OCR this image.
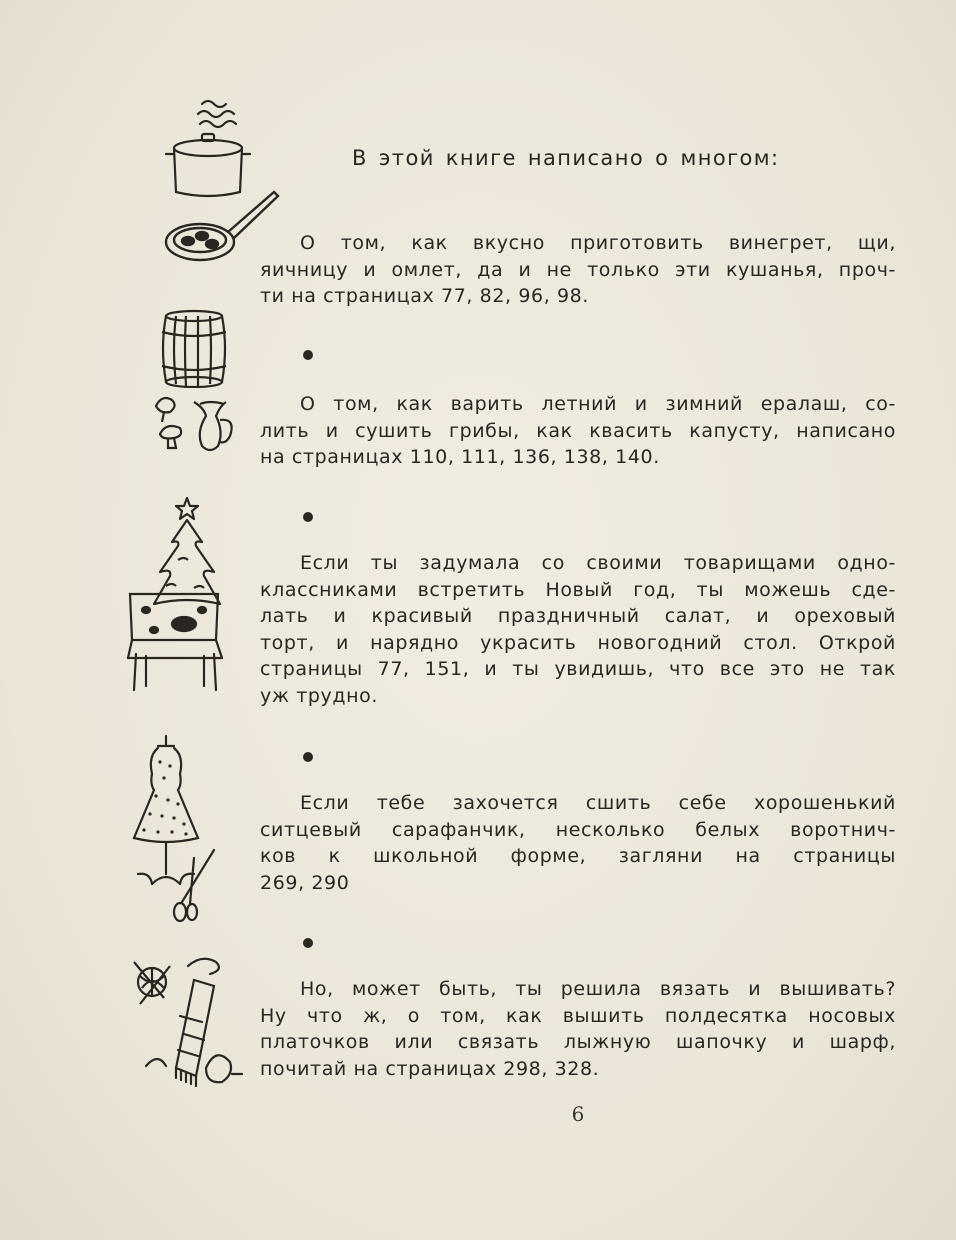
В этой книге написано о многом:

О том, как вкусно приготовить винегрет, щи,
яичницу и омлет, да и не только эти кушанья, проч-
ти на страницах 77, 82, 96, 98.

О том, как варить летний и зимний ералаш, со-
лить и сушить грибы, как квасить капусту, написано
на страницах 110, 111, 136, 138, 140.

Если ты задумала со своими товарищами одно-
классниками встретить Новый год, ты можешь сде-
лать и красивый праздничный салат, и ореховый
торт, и нарядно украсить новогодний стол. Открой
страницы 77, 151, и ты увидишь, что все это не так
уж трудно.

Если тебе захочется сшить себе хорошенький
ситцевый сарафанчик, несколько белых воротнич-
ков к школьной форме, загляни на страницы
269, 290

Но, может быть, ты решила вязать и вышивать?
Ну что ж, о том, как вышить полдесятка носовых
платочков или связать лыжную шапочку и шарф,
почитай на страницах 298, 328.

6
